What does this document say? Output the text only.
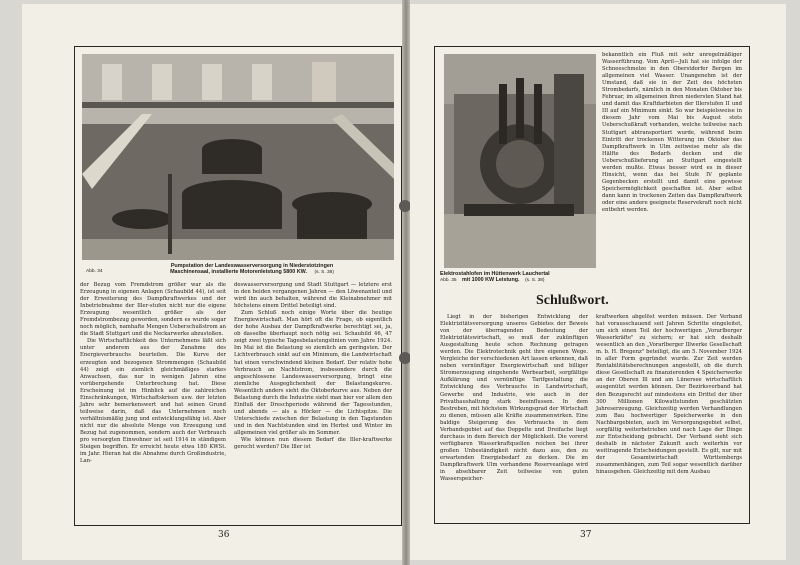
Pumpstation der Landeswasserversorgung in Niederstotzingen
Abb. 34	Maschinensaal, installierte Motorenleistung 5800 KW. (s. S. 38)

der Bezug vom Fremdstrom größer war als die Erzeugung in eigenen Anlagen (Schaubild 44), ist seit der Erweiterung des Dampfkraftwerkes und der Inbetriebnahme der Iller-stufen nicht nur die eigene Erzeugung wesentlich größer als der Fremdstrombezug geworden, sondern es wurde sogar noch möglich, namhafte Mengen Ueberschußstrom an die Stadt Stuttgart und die Neckarwerke abzustoßen.

Die Wirtschaftlichkeit des Unternehmens läßt sich unter anderem aus der Zunahme des Energieverbrauchs beurteilen. Die Kurve der erzeugten und bezogenen Strommengen (Schaubild 44) zeigt ein ziemlich gleichmäßiges starkes Anwachsen, das nur in wenigen Jahren eine vorübergehende Unterbrechung hat. Diese Erscheinung ist im Hinblick auf die zahlreichen Einschränkungen, Wirtschaftskrisen usw. der letzten Jahre sehr bemerkenswert und hat seinen Grund teilweise darin, daß das Unternehmen noch verhältnismäßig jung und entwicklungsfähig ist. Aber nicht nur die absolute Menge von Erzeugung und Bezug hat zugenommen, sondern auch der Verbrauch pro versorgten Einwohner ist seit 1914 in ständigem Steigen begriffen. Er erreicht heute etwa 180 KWSt. im Jahr. Hieran hat die Abnahme durch Großindustrie, Lan-

deswasserversorgung und Stadt Stuttgart — letztere erst in den beiden vergangenen Jahren — den Löwenanteil und wird ihn auch behalten, während die Kleinabnehmer mit höchstens einem Drittel beteiligt sind.

Zum Schluß noch einige Worte über die heutige Energiewirtschaft. Man hört oft die Frage, ob eigentlich der hohe Ausbau der Dampfkraftwerke berechtigt sei, ja, ob dasselbe überhaupt noch nötig sei. Schaubild 46, 47 zeigt zwei typische Tagesbelastungslinien vom Jahre 1924. Im Mai ist die Belastung so ziemlich am geringsten. Der Lichtverbrauch sinkt auf ein Minimum, die Landwirtschaft hat einen verschwindend kleinen Bedarf. Der relativ hohe Verbrauch an Nachtstrom, insbesondere durch die angeschlossene Landeswasserversorgung, bringt eine ziemliche Ausgeglichenheit der Belastungskurve. Wesentlich anders sieht die Oktoberkurve aus. Neben der Belastung durch die Industrie sieht man hier vor allem den Einfluß der Dreschperiode während der Tagesstunden, und abends — als a Höcker — die Lichtspitze. Die Unterschiede zwischen der Belastung in den Tagstunden und in den Nachtstunden sind im Herbst und Winter im allgemeinen viel größer als im Sommer.

Wie können nun diesem Bedarf die Iller-kraftwerke gerecht werden? Die Iller ist

36
Elektrostahlofen im Hüttenwerk Lauchertal
Abb. 35 mit 1000 KW Leistung. (s. S. 38)

bekanntlich ein Fluß mit sehr unregelmäßiger Wasserführung. Vom April—Juli hat sie infolge der Schneeschmelze in den Oberstdorfer Bergen im allgemeinen viel Wasser. Unangenehm ist der Umstand, daß sie in der Zeit des höchsten Strombedarfs, nämlich in den Monaten Oktober bis Februar, im allgemeinen ihren niedersten Stand hat und damit das Kraftdarbieten der Illerstufen II und III auf ein Minimum sinkt. So war beispielsweise in diesem Jahr vom Mai bis August stets Ueberschußkraft vorhanden, welche teilweise nach Stuttgart abtransportiert wurde, während beim Eintritt der trockenen Witterung im Oktober das Dampfkraftwerk in Ulm zeitweise mehr als die Hälfte des Bedarfs decken und die Ueberschußlieferung an Stuttgart eingestellt werden mußte. Etwas besser wird es in dieser Hinsicht, wenn das bei Stufe IV geplante Gegenbecken erstellt und damit eine gewisse Speichermöglichkeit geschaffen ist. Aber selbst dann kann in trockenen Zeiten das Dampfkraftwerk oder eine andere geeignete Reservekraft noch nicht entbehrt werden.

Schlußwort.

Liegt in der bisherigen Entwicklung der Elektrizitätsversorgung unseres Gebietes der Beweis von der überragenden Bedeutung der Elektrizitätswirtschaft, so muß der zukünftigen Ausgestaltung heute schon Rechnung getragen werden. Die Elektrotechnik geht ihre eigenen Wege. Vergleiche der verschiedenen Art lassen erkennen, daß neben vernünftiger Energiewirtschaft und billiger Stromerzeugung eingehende Werbearbeit, sorgfältige Aufklärung und vernünftige Tarifgestaltung die Entwicklung des Verbrauchs in Landwirtschaft, Gewerbe und Industrie, wie auch in der Privathaushaltung stark beeinflussen. In dem Bestreben, mit höchstem Wirkungsgrad der Wirtschaft zu dienen, müssen alle Kräfte zusammenwirken. Eine baldige Steigerung des Verbrauchs in dem Verbandsgebiet auf das Doppelte und Dreifache liegt durchaus in dem Bereich der Möglichkeit. Die vorerst verfügbaren Wasserkraftquellen reichen bei ihrer großen Unbeständigkeit nicht dazu aus, den zu erwartenden Energiebedarf zu decken. Die im Dampfkraftwerk Ulm vorhandene Reserveanlage wird in absehbarer Zeit teilweise von guten Wasserspeicher-

kraftwerken abgelöst werden müssen. Der Verband hat vorausschauend seit Jahren Schritte eingeleitet, um sich einen Teil der hochwertigen „Vorarlberger Wasserkräfte" zu sichern; er hat sich deshalb wesentlich an den „Vorarlberger Illwerke Gesellschaft m. b. H. Bregenz" beteiligt, die am 5. November 1924 in aller Form gegründet wurde. Zur Zeit werden Rentabilitätsberechnungen angestellt, ob die durch diese Gesellschaft zu finanzierenden 4 Speicherwerke an der Oberen Ill und am Lünersee wirtschaftlich ausgenützt werden können. Der Bezirksverband hat den Bezugsrecht auf mindestens ein Drittel der über 300 Millionen Kilowattstunden geschätzten Jahreserzeugung. Gleichzeitig werden Verhandlungen zum Bau hochwertiger Speicherwerke in den Nachbargebieten, auch im Versorgungsgebiet selbst, sorgfältig weiterbetrieben und nach Lage der Dinge zur Entscheidung gebracht. Der Verband sieht sich deshalb in nächster Zukunft auch weiterhin vor weittragende Entscheidungen gestellt. Es gilt, nur mit der Gesamtwirtschaft Württembergs zusammenhängen, zum Teil sogar wesentlich darüber hinausgehen. Gleichzeitig mit dem Ausbau

37
